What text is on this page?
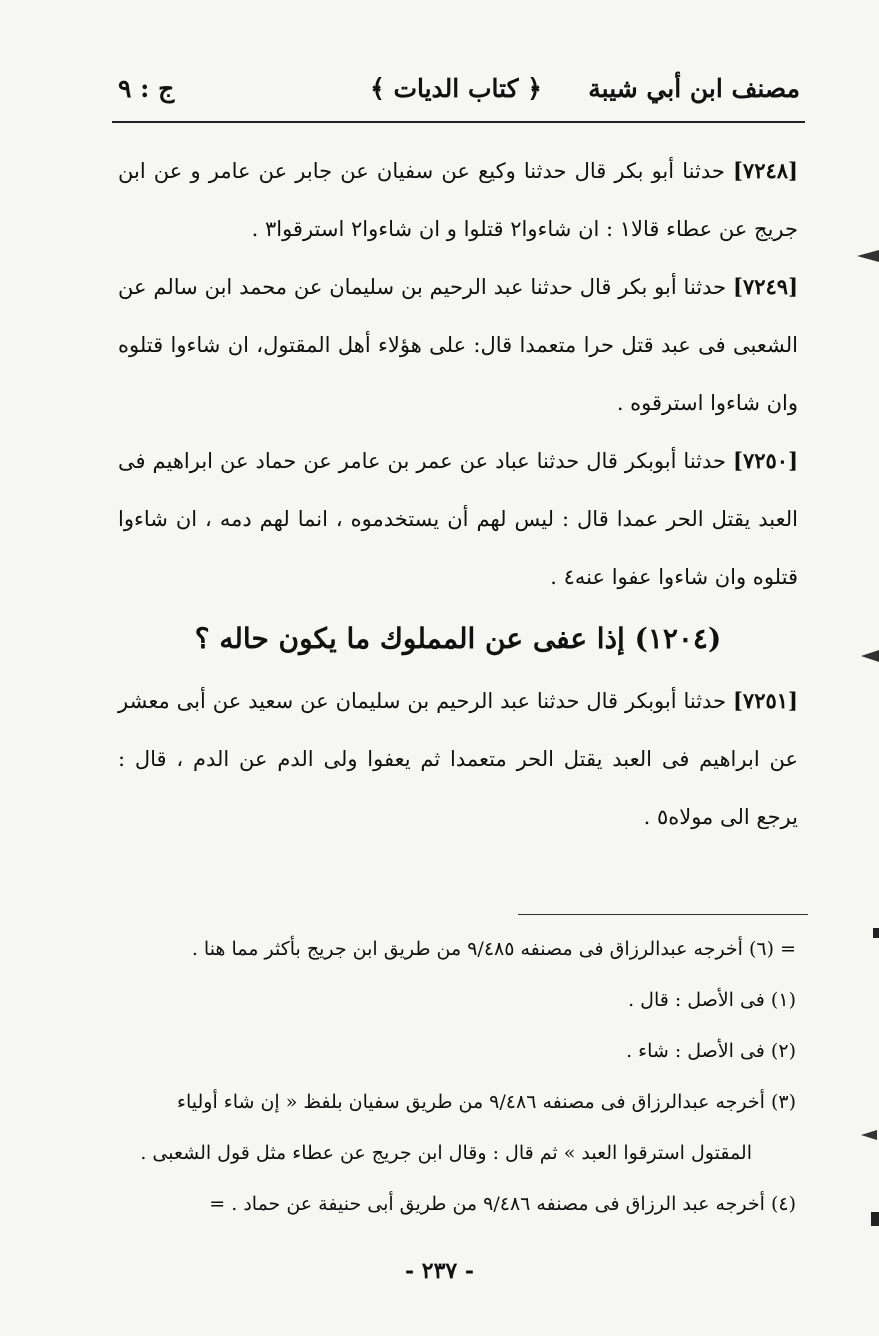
مصنف ابن أبي شيبة
﴿ كتاب الديات ﴾
ج : ٩

[٧٢٤٨] حدثنا أبو بكر قال حدثنا وكيع عن سفيان عن جابر عن عامر و عن ابن جريج عن عطاء قالا١ : ان شاءوا٢ قتلوا و ان شاءوا٢ استرقوا٣ .

[٧٢٤٩] حدثنا أبو بكر قال حدثنا عبد الرحيم بن سليمان عن محمد ابن سالم عن الشعبى فى عبد قتل حرا متعمدا قال: على هؤلاء أهل المقتول، ان شاءوا قتلوه وان شاءوا استرقوه .

[٧٢٥٠] حدثنا أبوبكر قال حدثنا عباد عن عمر بن عامر عن حماد عن ابراهيم فى العبد يقتل الحر عمدا قال : ليس لهم أن يستخدموه ، انما لهم دمه ، ان شاءوا قتلوه وان شاءوا عفوا عنه٤ .

(١٢٠٤) إذا عفى عن المملوك ما يكون حاله ؟

[٧٢٥١] حدثنا أبوبكر قال حدثنا عبد الرحيم بن سليمان عن سعيد عن أبى معشر عن ابراهيم فى العبد يقتل الحر متعمدا ثم يعفوا ولى الدم عن الدم ، قال : يرجع الى مولاه٥ .

= (٦) أخرجه عبدالرزاق فى مصنفه ٩/٤٨٥ من طريق ابن جريج بأكثر مما هنا .

(١) فى الأصل : قال .

(٢) فى الأصل : شاء .

(٣) أخرجه عبدالرزاق فى مصنفه ٩/٤٨٦ من طريق سفيان بلفظ « إن شاء أولياء

المقتول استرقوا العبد » ثم قال : وقال ابن جريج عن عطاء مثل قول الشعبى .

(٤) أخرجه عبد الرزاق فى مصنفه ٩/٤٨٦ من طريق أبى حنيفة عن حماد . =

- ٢٣٧ -
